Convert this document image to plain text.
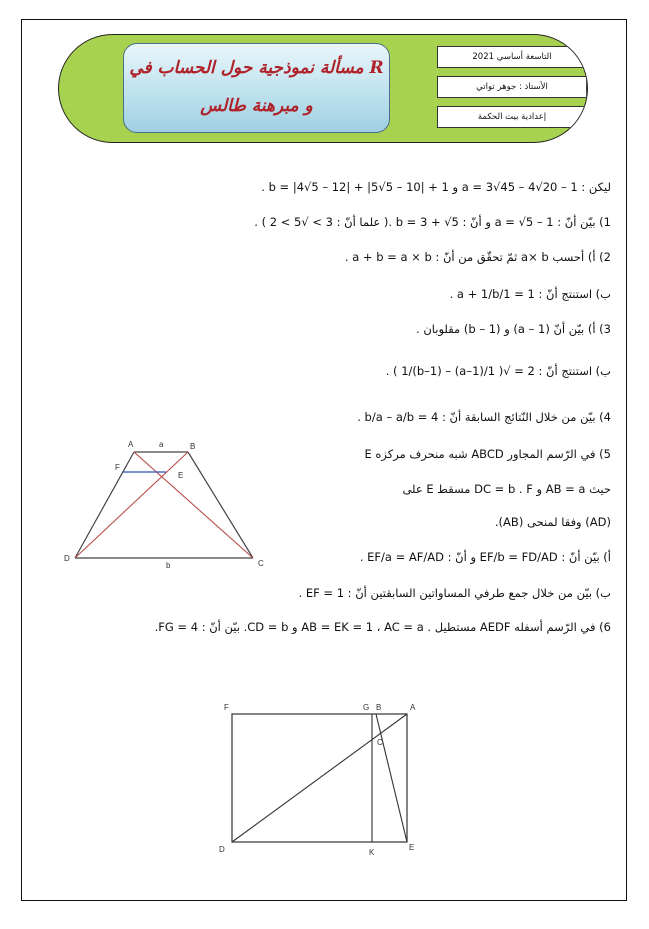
مسألة نموذجية حول الحساب في R
و مبرهنة طالس
التاسعة أساسي 2021
الأستاذ : جوهر تواتي
إعدادية بيت الحكمة
ليكن : a = 3√45 – 4√20 – 1 و b = |4√5 – 12| + |5√5 – 10| + 1 .
1) بيّن أنّ : a = √5 – 1 و أنّ : b = 3 + √5 .( علما أنّ : 3 > √5 > 2 ) .
2) أ) أحسب a× b ثمّ تحقّق من أنّ : a + b = a × b .
ب) استنتج أنّ : 1 = 1/a + 1/b .
3) أ) بيّن أنّ (a – 1) و (b – 1) مقلوبان .
ب) استنتج أنّ : 2 = √( 1/(a–1) – 1/(b–1) ) .
4) بيّن من خلال النّتائج السابقة أنّ : 4 = b/a – a/b .
5) في الرّسم المجاور ABCD شبه منحرف مركزه E
حيث AB = a و DC = b . F مسقط E على
(AD) وفقا لمنحى (AB).
أ) بيّن أنّ : EF/b = FD/AD و أنّ : EF/a = AF/AD .
ب) بيّن من خلال جمع طرفي المساواتين السابقتين أنّ : EF = 1 .
6) في الرّسم أسفله AEDF مستطيل . AB = EK = 1 ، AC = a و CD = b. بيّن أنّ : FG = 4.
A	a	B
F
E
D
C
b
F	G B	A
C
D	K
E
